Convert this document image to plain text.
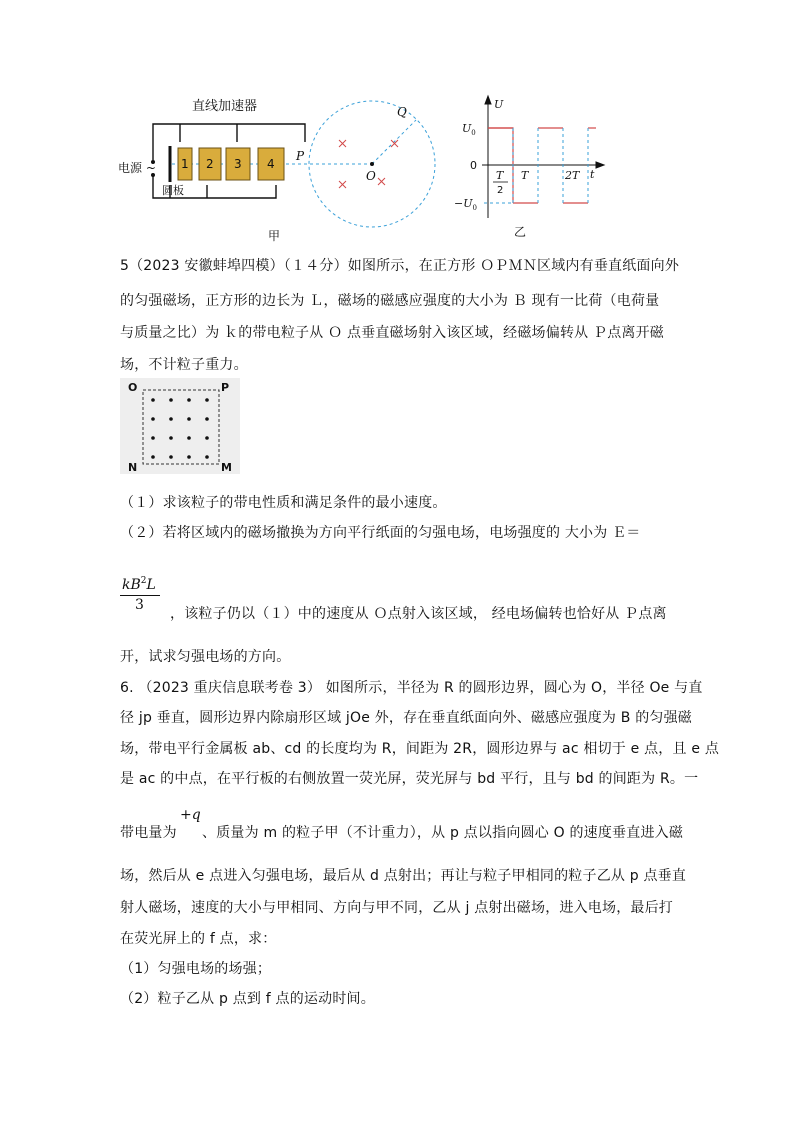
直线加速器
电源 ~
圆板
1 2 3 4
P
O
Q
甲
U
t
$U_0$
0
$-U_0$
T
2
T	2T
乙
5（2023 安徽蚌埠四模）（１４分）如图所示，在正方形 ＯＰＭＮ区域内有垂直纸面向外
的匀强磁场，正方形的边长为 Ｌ，磁场的磁感应强度的大小为 Ｂ 现有一比荷（电荷量
与质量之比）为 ｋ的带电粒子从 Ｏ 点垂直磁场射入该区域，经磁场偏转从 Ｐ点离开磁
场，不计粒子重力。
O	P
N	M
（１）求该粒子的带电性质和满足条件的最小速度。
（２）若将区域内的磁场撤换为方向平行纸面的匀强电场，电场强度的 大小为 Ｅ＝
$kB^2L$
3
，该粒子仍以（１）中的速度从 Ｏ点射入该区域， 经电场偏转也恰好从 Ｐ点离
开，试求匀强电场的方向。
6. （2023 重庆信息联考卷 3） 如图所示，半径为 R 的圆形边界，圆心为 O，半径 Oe 与直
径 jp 垂直，圆形边界内除扇形区域 jOe 外，存在垂直纸面向外、磁感应强度为 B 的匀强磁
场，带电平行金属板 ab、cd 的长度均为 R，间距为 2R，圆形边界与 ac 相切于 e 点，且 e 点
是 ac 的中点，在平行板的右侧放置一荧光屏，荧光屏与 bd 平行，且与 bd 的间距为 R。一
+q
带电量为 、质量为 m 的粒子甲（不计重力），从 p 点以指向圆心 O 的速度垂直进入磁
场，然后从 e 点进入匀强电场，最后从 d 点射出；再让与粒子甲相同的粒子乙从 p 点垂直
射人磁场，速度的大小与甲相同、方向与甲不同，乙从 j 点射出磁场，进入电场，最后打
在荧光屏上的 f 点，求：
（1）匀强电场的场强；
（2）粒子乙从 p 点到 f 点的运动时间。
